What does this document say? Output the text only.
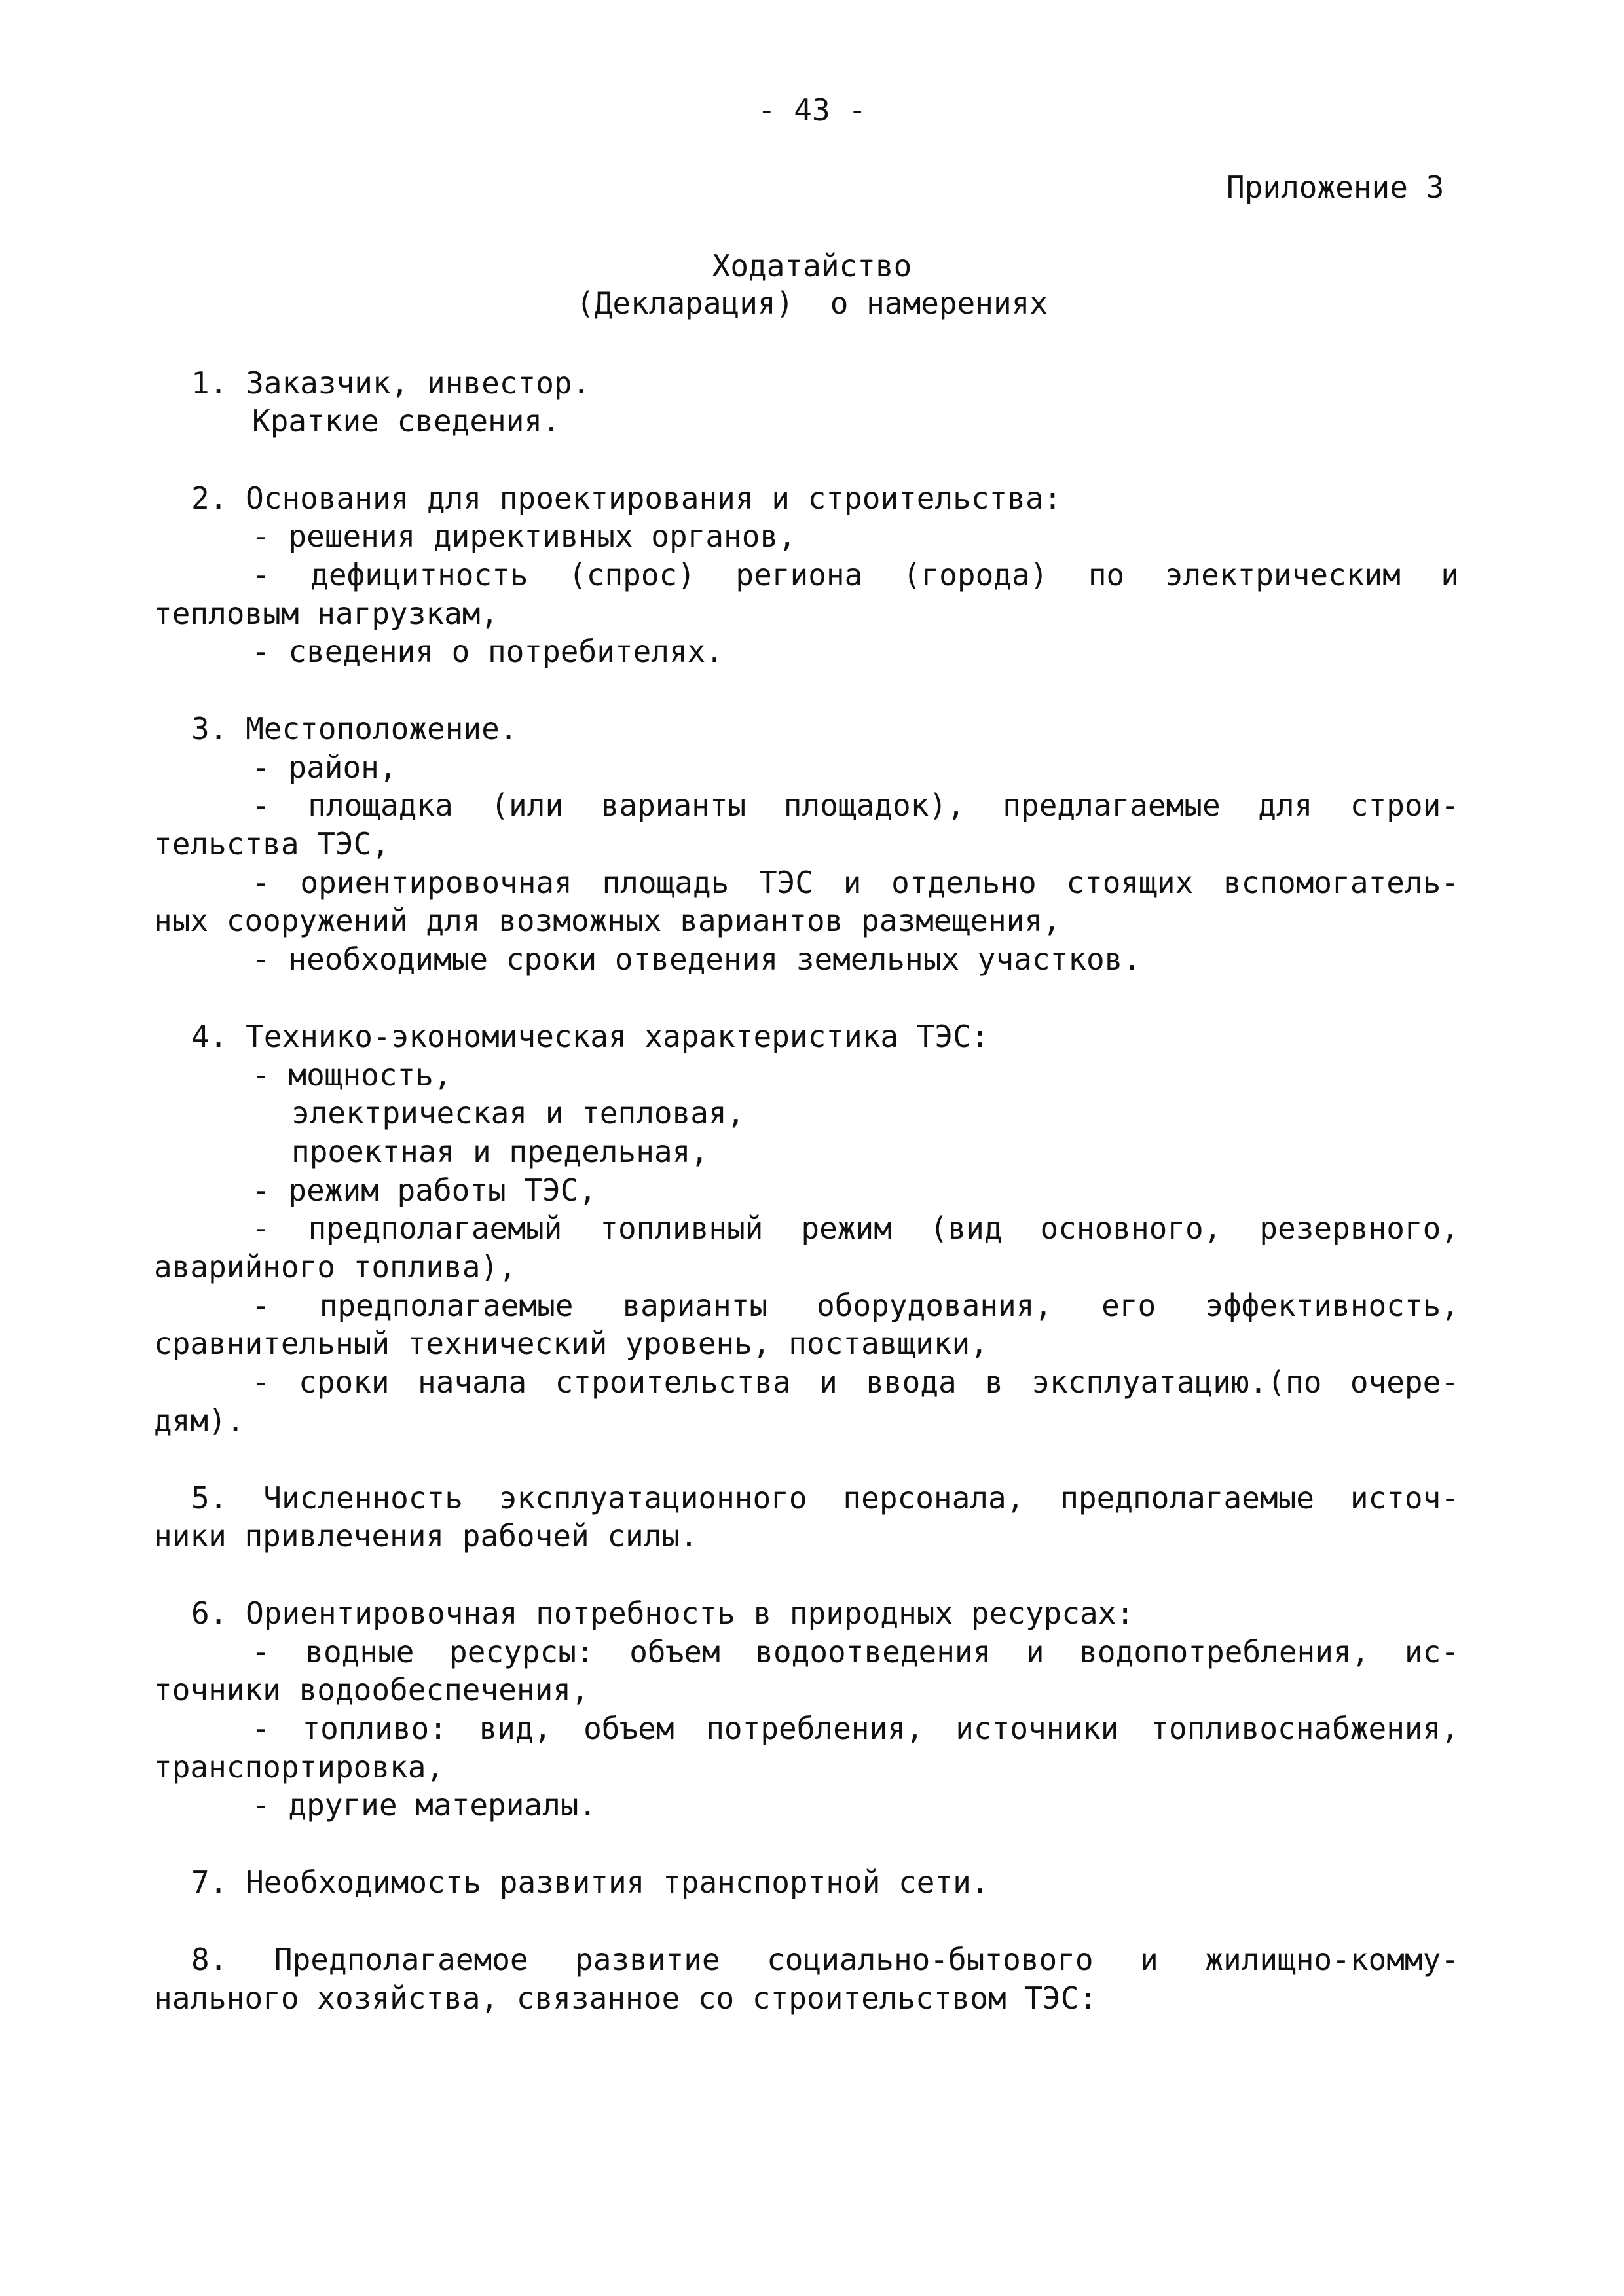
- 43 -
Приложение 3
Ходатайство
(Декларация)  о намерениях
1. Заказчик, инвестор.
Краткие сведения.
2. Основания для проектирования и строительства:
- решения директивных органов,
- дефицитность (спрос) региона (города) по электрическим и
тепловым нагрузкам,
- сведения о потребителях.
3. Местоположение.
- район,
- площадка (или варианты площадок), предлагаемые для строи-
тельства ТЭС,
- ориентировочная площадь ТЭС и отдельно стоящих вспомогатель-
ных сооружений для возможных вариантов размещения,
- необходимые сроки отведения земельных участков.
4. Технико-экономическая характеристика ТЭС:
- мощность,
электрическая и тепловая,
проектная и предельная,
- режим работы ТЭС,
- предполагаемый топливный режим (вид основного, резервного,
аварийного топлива),
- предполагаемые варианты оборудования, его эффективность,
сравнительный технический уровень, поставщики,
- сроки начала строительства и ввода в эксплуатацию.(по очере-
дям).
5. Численность эксплуатационного персонала, предполагаемые источ-
ники привлечения рабочей силы.
6. Ориентировочная потребность в природных ресурсах:
- водные ресурсы: объем водоотведения и водопотребления, ис-
точники водообеспечения,
- топливо: вид, объем потребления, источники топливоснабжения,
транспортировка,
- другие материалы.
7. Необходимость развития транспортной сети.
8. Предполагаемое развитие социально-бытового и жилищно-комму-
нального хозяйства, связанное со строительством ТЭС:
